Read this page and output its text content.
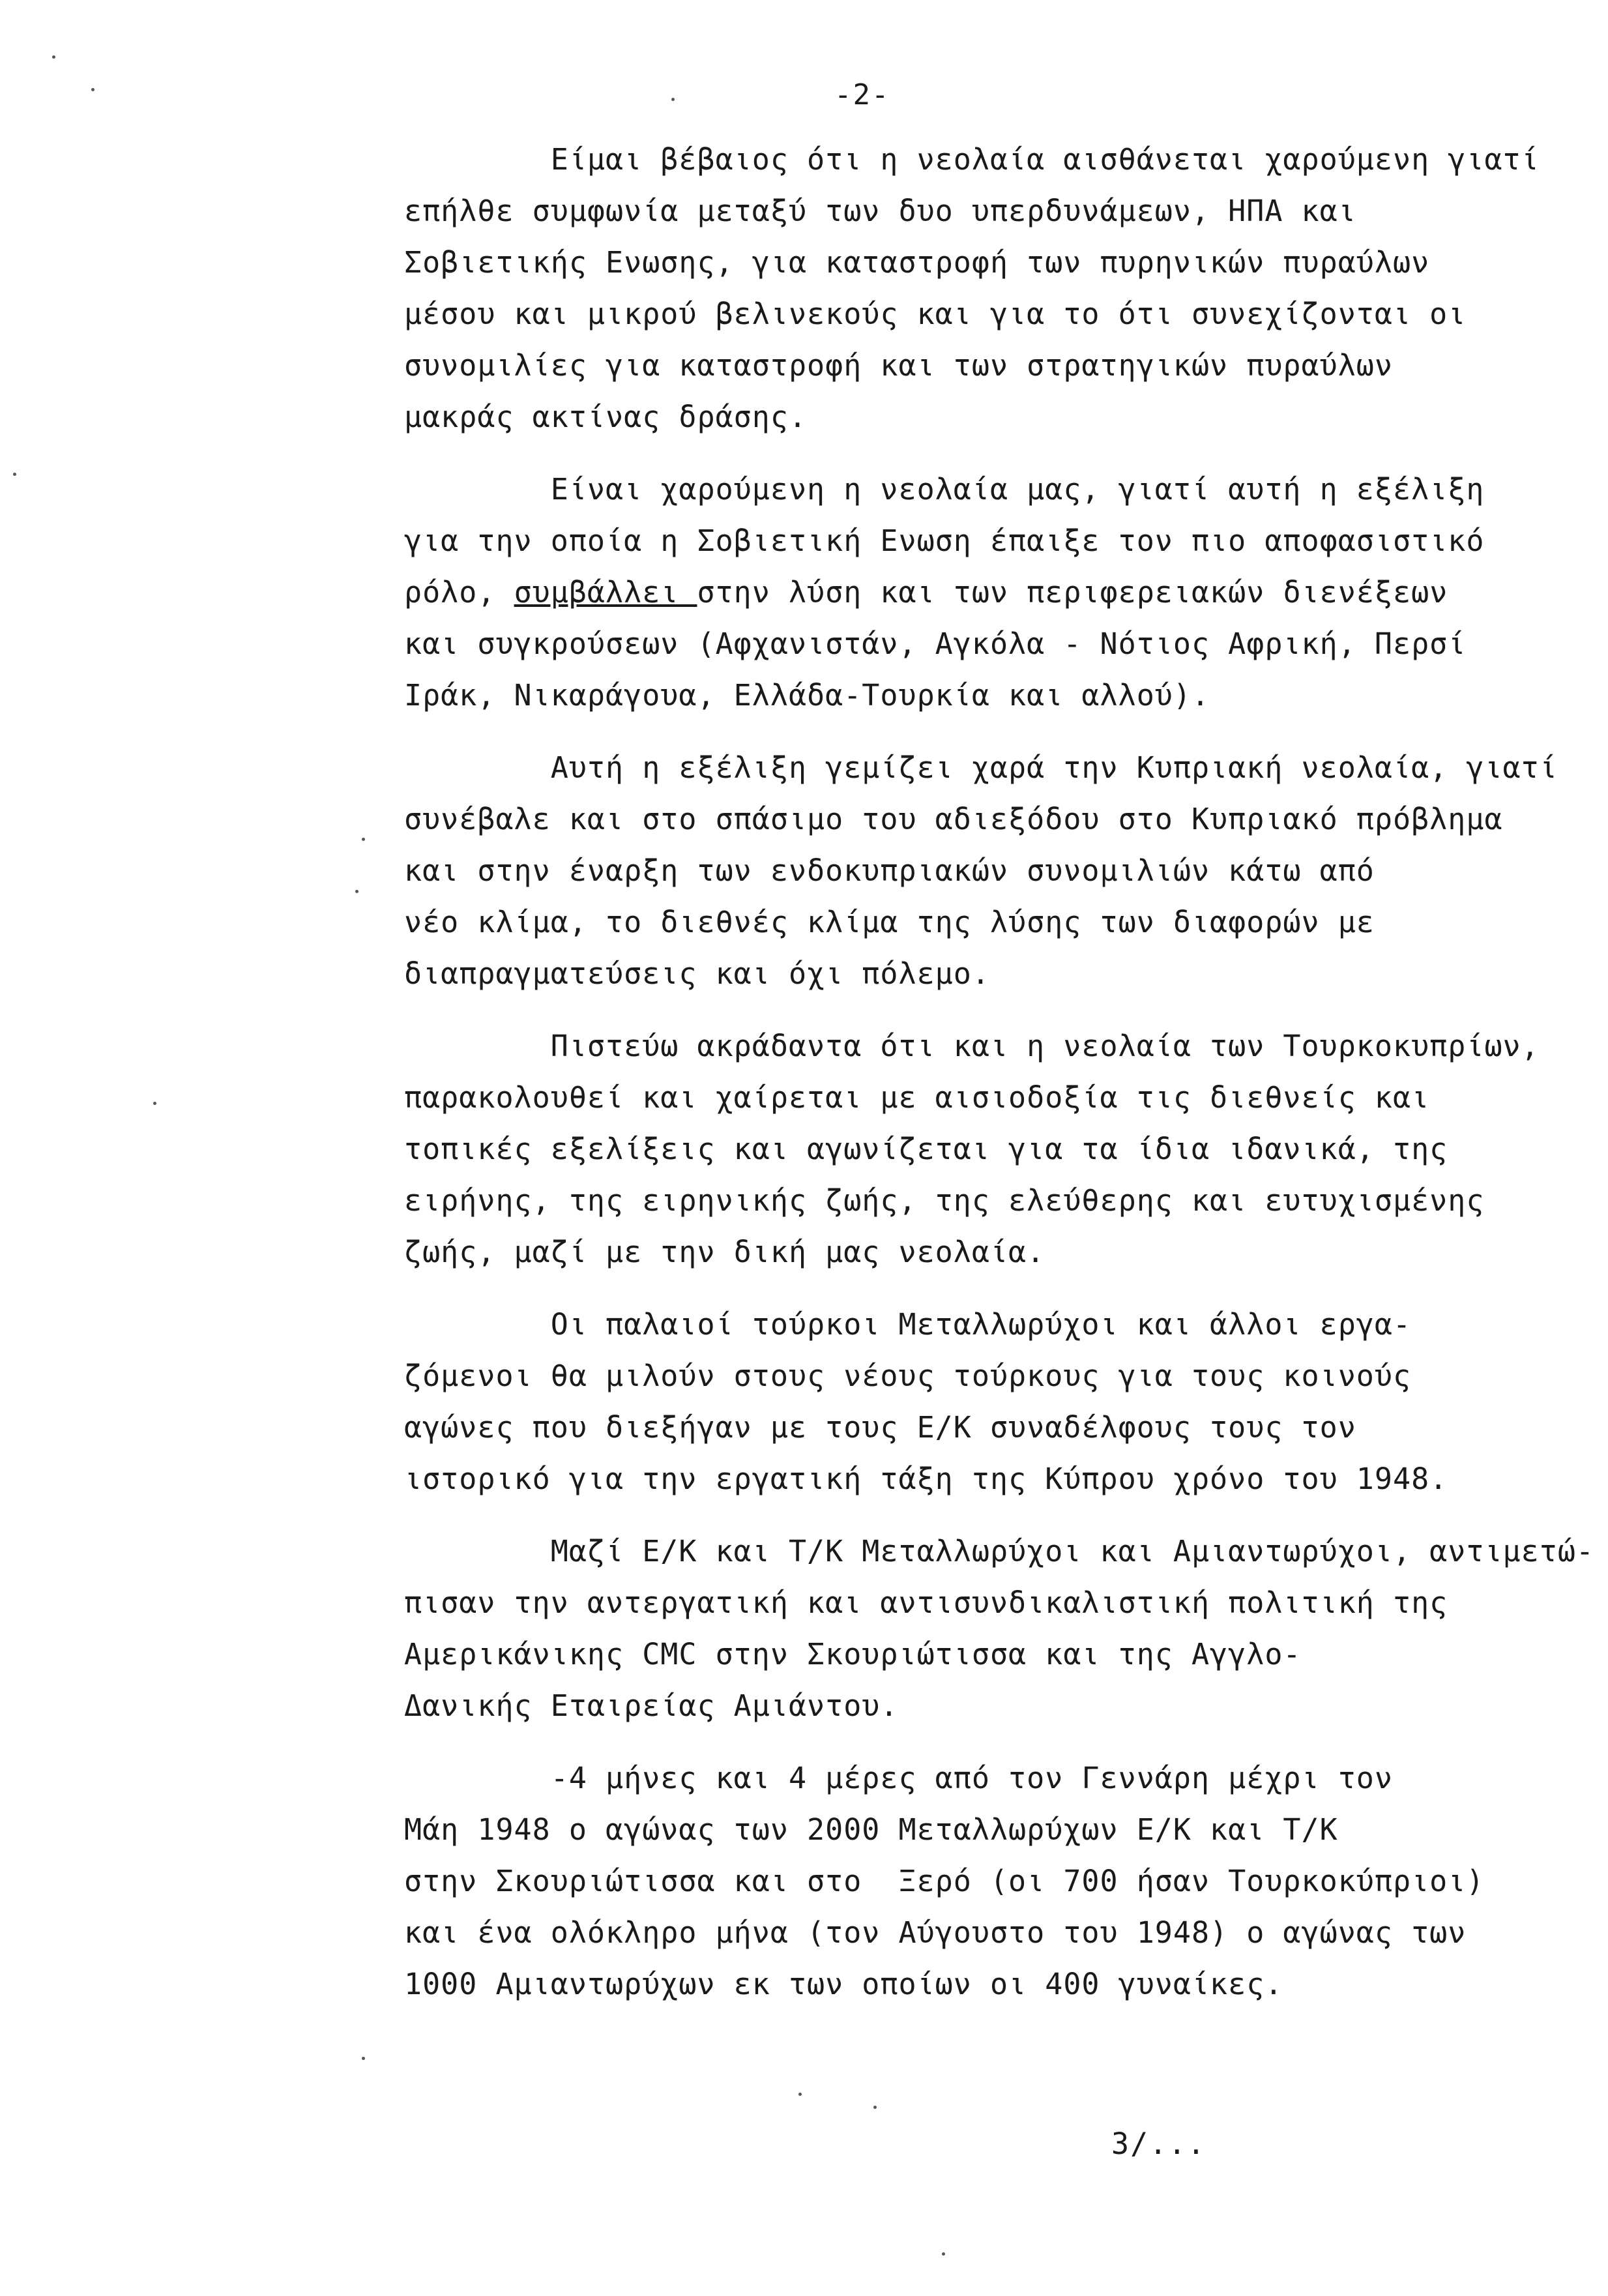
-2-
Είμαι βέβαιος ότι η νεολαία αισθάνεται χαρούμενη γιατί
επήλθε συμφωνία μεταξύ των δυο υπερδυνάμεων, ΗΠΑ και
Σοβιετικής Ενωσης, για καταστροφή των πυρηνικών πυραύλων
μέσου και μικρού βελινεκούς και για το ότι συνεχίζονται οι
συνομιλίες για καταστροφή και των στρατηγικών πυραύλων
μακράς ακτίνας δράσης.
Είναι χαρούμενη η νεολαία μας, γιατί αυτή η εξέλιξη
για την οποία η Σοβιετική Ενωση έπαιξε τον πιο αποφασιστικό
ρόλο, συμβάλλει στην λύση και των περιφερειακών διενέξεων
και συγκρούσεων (Αφχανιστάν, Αγκόλα - Νότιος Αφρική, Περσί
Ιράκ, Νικαράγουα, Ελλάδα-Τουρκία και αλλού).
Αυτή η εξέλιξη γεμίζει χαρά την Κυπριακή νεολαία, γιατί
συνέβαλε και στο σπάσιμο του αδιεξόδου στο Κυπριακό πρόβλημα
και στην έναρξη των ενδοκυπριακών συνομιλιών κάτω από
νέο κλίμα, το διεθνές κλίμα της λύσης των διαφορών με
διαπραγματεύσεις και όχι πόλεμο.
Πιστεύω ακράδαντα ότι και η νεολαία των Τουρκοκυπρίων,
παρακολουθεί και χαίρεται με αισιοδοξία τις διεθνείς και
τοπικές εξελίξεις και αγωνίζεται για τα ίδια ιδανικά, της
ειρήνης, της ειρηνικής ζωής, της ελεύθερης και ευτυχισμένης
ζωής, μαζί με την δική μας νεολαία.
Οι παλαιοί τούρκοι Μεταλλωρύχοι και άλλοι εργα-
ζόμενοι θα μιλούν στους νέους τούρκους για τους κοινούς
αγώνες που διεξήγαν με τους Ε/Κ συναδέλφους τους τον
ιστορικό για την εργατική τάξη της Κύπρου χρόνο του 1948.
Μαζί Ε/Κ και Τ/Κ Μεταλλωρύχοι και Αμιαντωρύχοι, αντιμετώ-
πισαν την αντεργατική και αντισυνδικαλιστική πολιτική της
Αμερικάνικης CMC στην Σκουριώτισσα και της Αγγλο-
Δανικής Εταιρείας Αμιάντου.
-4 μήνες και 4 μέρες από τον Γεννάρη μέχρι τον
Μάη 1948 ο αγώνας των 2000 Μεταλλωρύχων Ε/Κ και Τ/Κ
στην Σκουριώτισσα και στο  Ξερό (οι 700 ήσαν Τουρκοκύπριοι)
και ένα ολόκληρο μήνα (τον Αύγουστο του 1948) ο αγώνας των
1000 Αμιαντωρύχων εκ των οποίων οι 400 γυναίκες.
3/...
